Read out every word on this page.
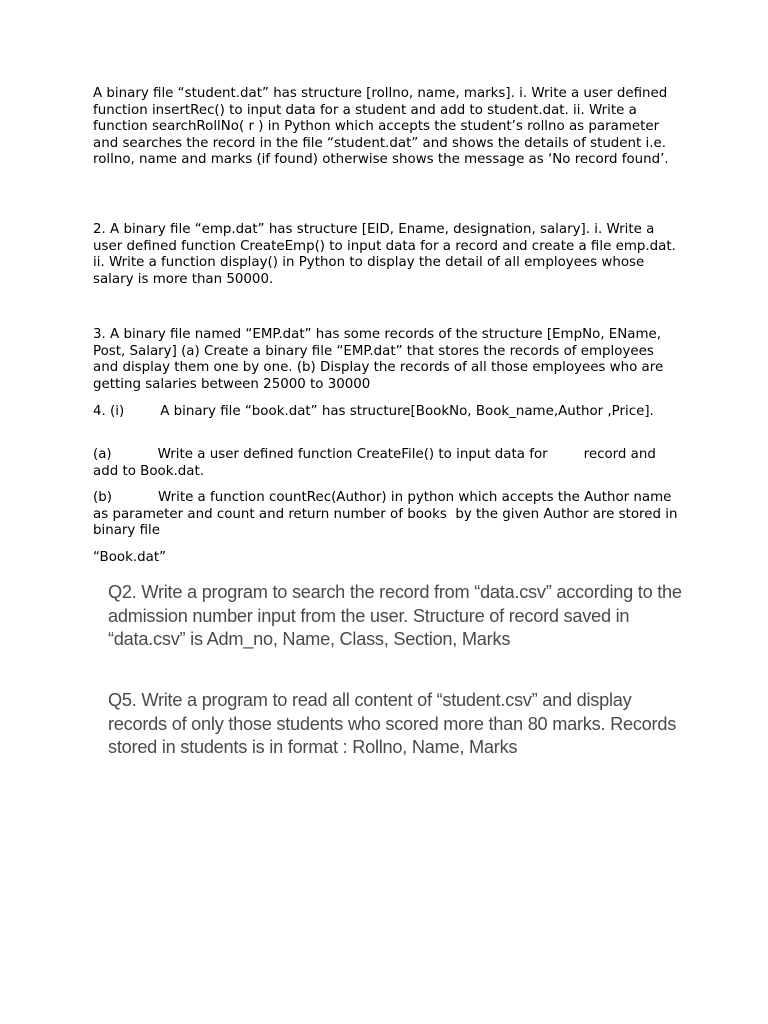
A binary file “student.dat” has structure [rollno, name, marks]. i. Write a user defined function insertRec() to input data for a student and add to student.dat. ii. Write a function searchRollNo( r ) in Python which accepts the student’s rollno as parameter and searches the record in the file “student.dat” and shows the details of student i.e. rollno, name and marks (if found) otherwise shows the message as ‘No record found’.

2. A binary file “emp.dat” has structure [EID, Ename, designation, salary]. i. Write a user defined function CreateEmp() to input data for a record and create a file emp.dat. ii. Write a function display() in Python to display the detail of all employees whose salary is more than 50000.

3. A binary file named “EMP.dat” has some records of the structure [EmpNo, EName, Post, Salary] (a) Create a binary file “EMP.dat” that stores the records of employees and display them one by one. (b) Display the records of all those employees who are getting salaries between 25000 to 30000

4. (i)	A binary file “book.dat” has structure[BookNo, Book_name,Author ,Price].

(a)	Write a user defined function CreateFile() to input data for	record and add to Book.dat.

(b)	Write a function countRec(Author) in python which accepts the Author name as parameter and count and return number of books  by the given Author are stored in binary file

“Book.dat”

Q2. Write a program to search the record from “data.csv” according to the admission number input from the user. Structure of record saved in “data.csv” is Adm_no, Name, Class, Section, Marks

Q5. Write a program to read all content of “student.csv” and display records of only those students who scored more than 80 marks. Records stored in students is in format : Rollno, Name, Marks
